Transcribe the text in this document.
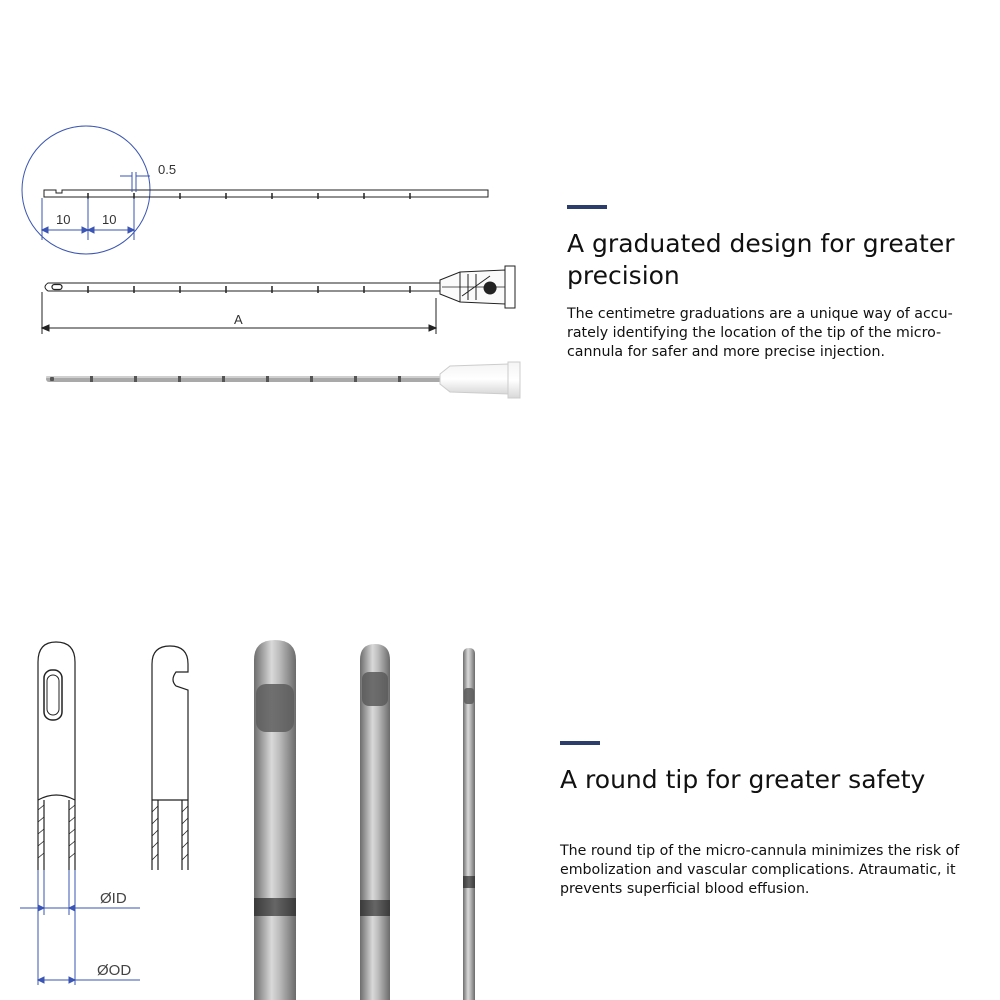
0.5
10 10
A
A graduated design for greater
precision

The centimetre graduations are a unique way of accu-
rately identifying the location of the tip of the micro-
cannula for safer and more precise injection.

ØID
ØOD
A round tip for greater safety

The round tip of the micro-cannula minimizes the risk of
embolization and vascular complications. Atraumatic, it
prevents superficial blood effusion.
